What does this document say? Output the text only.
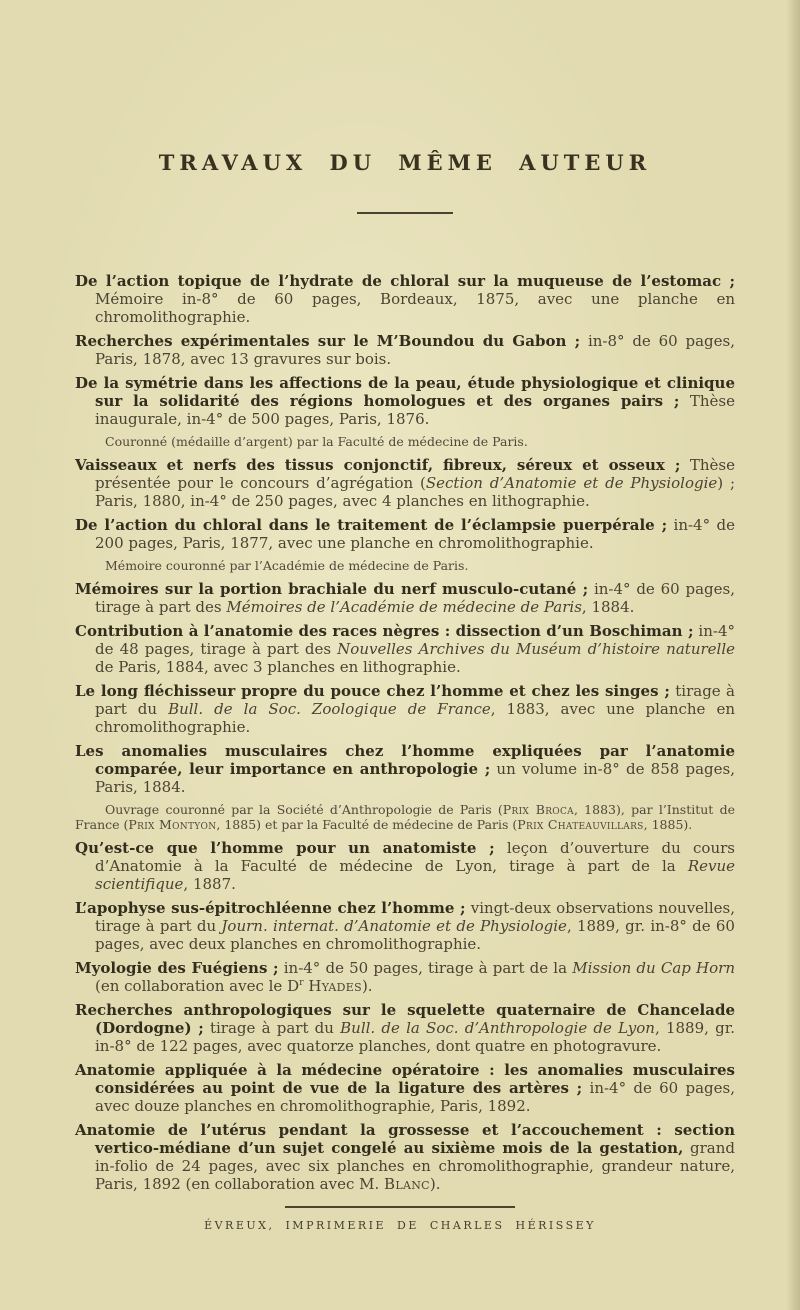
TRAVAUX DU MÊME AUTEUR

De l’action topique de l’hydrate de chloral sur la muqueuse de l’estomac ; Mémoire in-8° de 60 pages, Bordeaux, 1875, avec une planche en chromolithographie.

Recherches expérimentales sur le M’Boundou du Gabon ; in-8° de 60 pages, Paris, 1878, avec 13 gravures sur bois.

De la symétrie dans les affections de la peau, étude physiologique et clinique sur la solidarité des régions homologues et des organes pairs ; Thèse inaugurale, in-4° de 500 pages, Paris, 1876.

Couronné (médaille d’argent) par la Faculté de médecine de Paris.

Vaisseaux et nerfs des tissus conjonctif, fibreux, séreux et osseux ; Thèse présentée pour le concours d’agrégation (Section d’Anatomie et de Physiologie) ; Paris, 1880, in-4° de 250 pages, avec 4 planches en lithographie.

De l’action du chloral dans le traitement de l’éclampsie puerpérale ; in-4° de 200 pages, Paris, 1877, avec une planche en chromolithographie.

Mémoire couronné par l’Académie de médecine de Paris.

Mémoires sur la portion brachiale du nerf musculo-cutané ; in-4° de 60 pages, tirage à part des Mémoires de l’Académie de médecine de Paris, 1884.

Contribution à l’anatomie des races nègres : dissection d’un Boschiman ; in-4° de 48 pages, tirage à part des Nouvelles Archives du Muséum d’histoire naturelle de Paris, 1884, avec 3 planches en lithographie.

Le long fléchisseur propre du pouce chez l’homme et chez les singes ; tirage à part du Bull. de la Soc. Zoologique de France, 1883, avec une planche en chromolithographie.

Les anomalies musculaires chez l’homme expliquées par l’anatomie comparée, leur importance en anthropologie ; un volume in-8° de 858 pages, Paris, 1884.

Ouvrage couronné par la Société d’Anthropologie de Paris (Prix Broca, 1883), par l’Institut de France (Prix Montyon, 1885) et par la Faculté de médecine de Paris (Prix Chateauvillars, 1885).

Qu’est-ce que l’homme pour un anatomiste ; leçon d’ouverture du cours d’Anatomie à la Faculté de médecine de Lyon, tirage à part de la Revue scientifique, 1887.

L’apophyse sus-épitrochléenne chez l’homme ; vingt-deux observations nouvelles, tirage à part du Journ. internat. d’Anatomie et de Physiologie, 1889, gr. in-8° de 60 pages, avec deux planches en chromolithographie.

Myologie des Fuégiens ; in-4° de 50 pages, tirage à part de la Mission du Cap Horn (en collaboration avec le $D^r$ Hyades).

Recherches anthropologiques sur le squelette quaternaire de Chancelade (Dordogne) ; tirage à part du Bull. de la Soc. d’Anthropologie de Lyon, 1889, gr. in-8° de 122 pages, avec quatorze planches, dont quatre en photogravure.

Anatomie appliquée à la médecine opératoire : les anomalies musculaires considérées au point de vue de la ligature des artères ; in-4° de 60 pages, avec douze planches en chromolithographie, Paris, 1892.

Anatomie de l’utérus pendant la grossesse et l’accouchement : section vertico-médiane d’un sujet congelé au sixième mois de la gestation, grand in-folio de 24 pages, avec six planches en chromolithographie, grandeur nature, Paris, 1892 (en collaboration avec M. Blanc).

ÉVREUX, IMPRIMERIE DE CHARLES HÉRISSEY
